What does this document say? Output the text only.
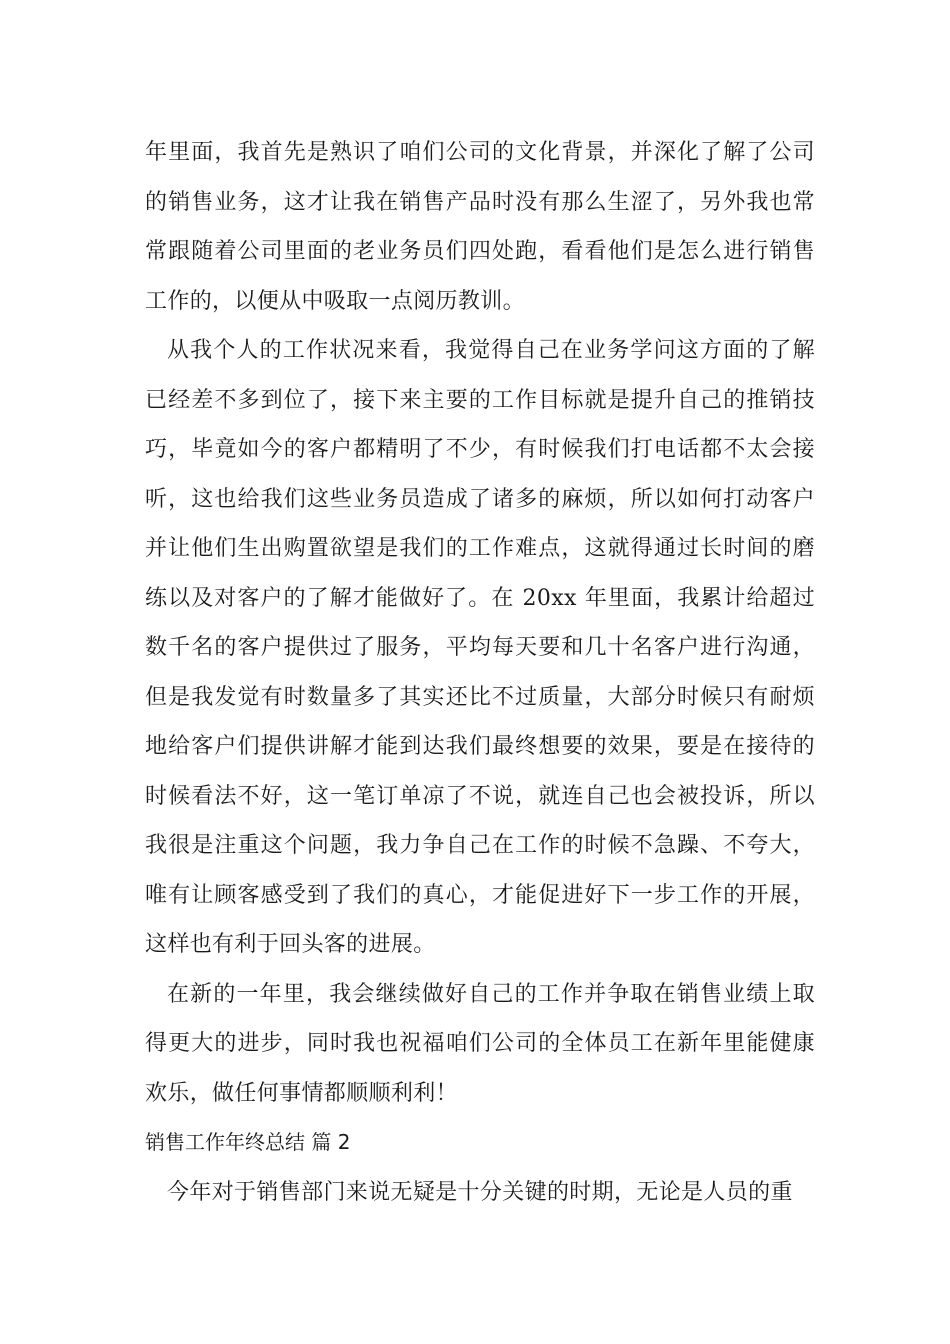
年里面，我首先是熟识了咱们公司的文化背景，并深化了解了公司的销售业务，这才让我在销售产品时没有那么生涩了，另外我也常常跟随着公司里面的老业务员们四处跑，看看他们是怎么进行销售工作的，以便从中吸取一点阅历教训。

从我个人的工作状况来看，我觉得自己在业务学问这方面的了解已经差不多到位了，接下来主要的工作目标就是提升自己的推销技巧，毕竟如今的客户都精明了不少，有时候我们打电话都不太会接听，这也给我们这些业务员造成了诸多的麻烦，所以如何打动客户并让他们生出购置欲望是我们的工作难点，这就得通过长时间的磨练以及对客户的了解才能做好了。在 20xx 年里面，我累计给超过数千名的客户提供过了服务，平均每天要和几十名客户进行沟通，但是我发觉有时数量多了其实还比不过质量，大部分时候只有耐烦地给客户们提供讲解才能到达我们最终想要的效果，要是在接待的时候看法不好，这一笔订单凉了不说，就连自己也会被投诉，所以我很是注重这个问题，我力争自己在工作的时候不急躁、不夸大，唯有让顾客感受到了我们的真心，才能促进好下一步工作的开展，这样也有利于回头客的进展。

在新的一年里，我会继续做好自己的工作并争取在销售业绩上取得更大的进步，同时我也祝福咱们公司的全体员工在新年里能健康欢乐，做任何事情都顺顺利利！

销售工作年终总结 篇 2

今年对于销售部门来说无疑是十分关键的时期，无论是人员的重
